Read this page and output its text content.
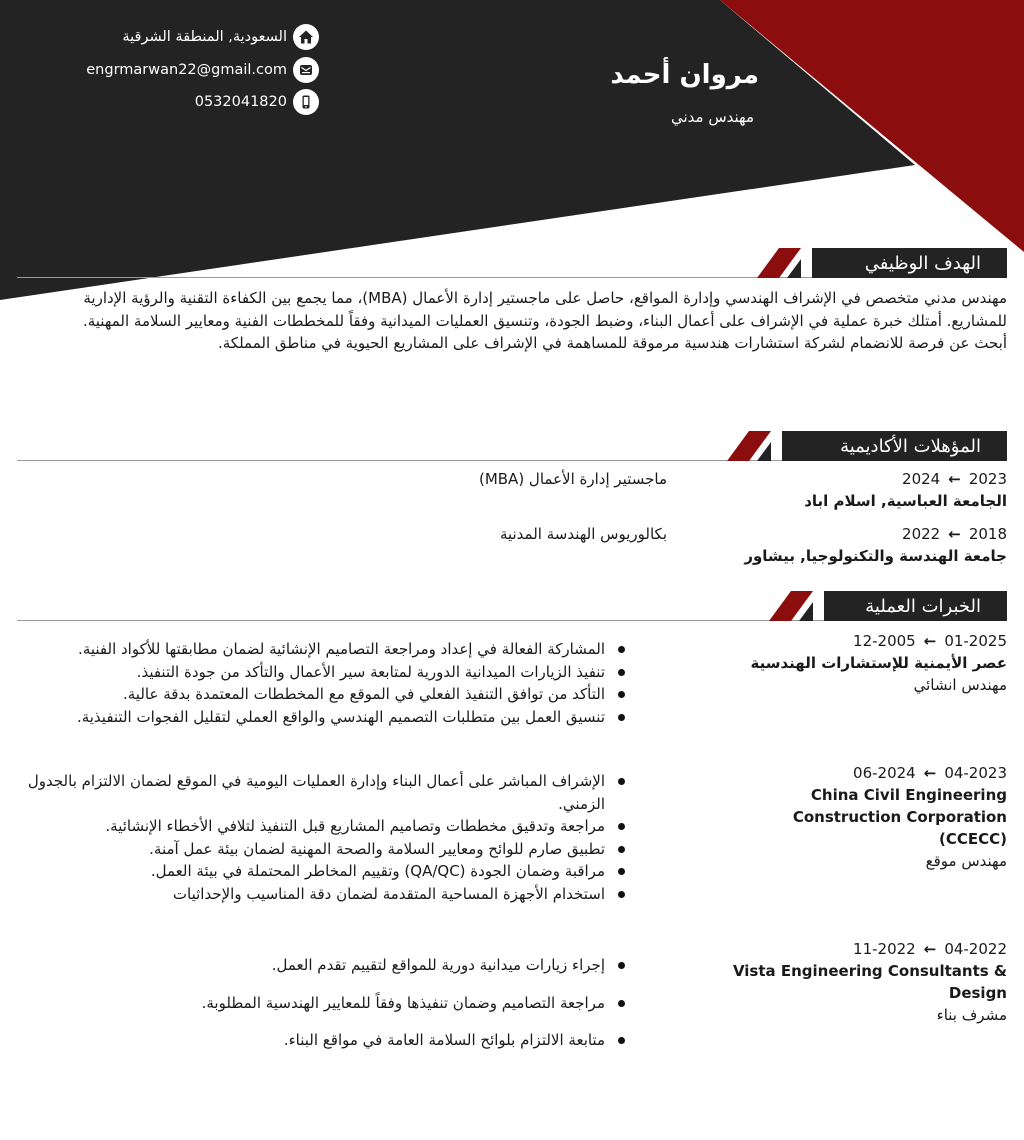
مروان أحمد
مهندس مدني
السعودية, المنطقة الشرقية
engrmarwan22@gmail.com
0532041820
الهدف الوظيفي
مهندس مدني متخصص في الإشراف الهندسي وإدارة المواقع، حاصل على ماجستير إدارة الأعمال (MBA)، مما يجمع بين الكفاءة التقنية والرؤية الإدارية
للمشاريع. أمتلك خبرة عملية في الإشراف على أعمال البناء، وضبط الجودة، وتنسيق العمليات الميدانية وفقاً للمخططات الفنية ومعايير السلامة المهنية.
أبحث عن فرصة للانضمام لشركة استشارات هندسية مرموقة للمساهمة في الإشراف على المشاريع الحيوية في مناطق المملكة.
المؤهلات الأكاديمية
2023←2024
ماجستير إدارة الأعمال (MBA)
الجامعة العباسية, اسلام اباد
2018←2022
بكالوريوس الهندسة المدنية
جامعة الهندسة والتكنولوجيا, بيشاور
الخبرات العملية
01-2025←12-2005
عصر الأيمنية للإستشارات الهندسية
مهندس انشائي
المشاركة الفعالة في إعداد ومراجعة التصاميم الإنشائية لضمان مطابقتها للأكواد الفنية.
تنفيذ الزيارات الميدانية الدورية لمتابعة سير الأعمال والتأكد من جودة التنفيذ.
التأكد من توافق التنفيذ الفعلي في الموقع مع المخططات المعتمدة بدقة عالية.
تنسيق العمل بين متطلبات التصميم الهندسي والواقع العملي لتقليل الفجوات التنفيذية.
04-2023←06-2024
China Civil Engineering Construction Corporation (CCECC)
مهندس موقع
الإشراف المباشر على أعمال البناء وإدارة العمليات اليومية في الموقع لضمان الالتزام بالجدول الزمني.
مراجعة وتدقيق مخططات وتصاميم المشاريع قبل التنفيذ لتلافي الأخطاء الإنشائية.
تطبيق صارم للوائح ومعايير السلامة والصحة المهنية لضمان بيئة عمل آمنة.
مراقبة وضمان الجودة (QA/QC) وتقييم المخاطر المحتملة في بيئة العمل.
استخدام الأجهزة المساحية المتقدمة لضمان دقة المناسيب والإحداثيات
04-2022←11-2022
Vista Engineering Consultants & Design
مشرف بناء
إجراء زيارات ميدانية دورية للمواقع لتقييم تقدم العمل.
مراجعة التصاميم وضمان تنفيذها وفقاً للمعايير الهندسية المطلوبة.
متابعة الالتزام بلوائح السلامة العامة في مواقع البناء.
